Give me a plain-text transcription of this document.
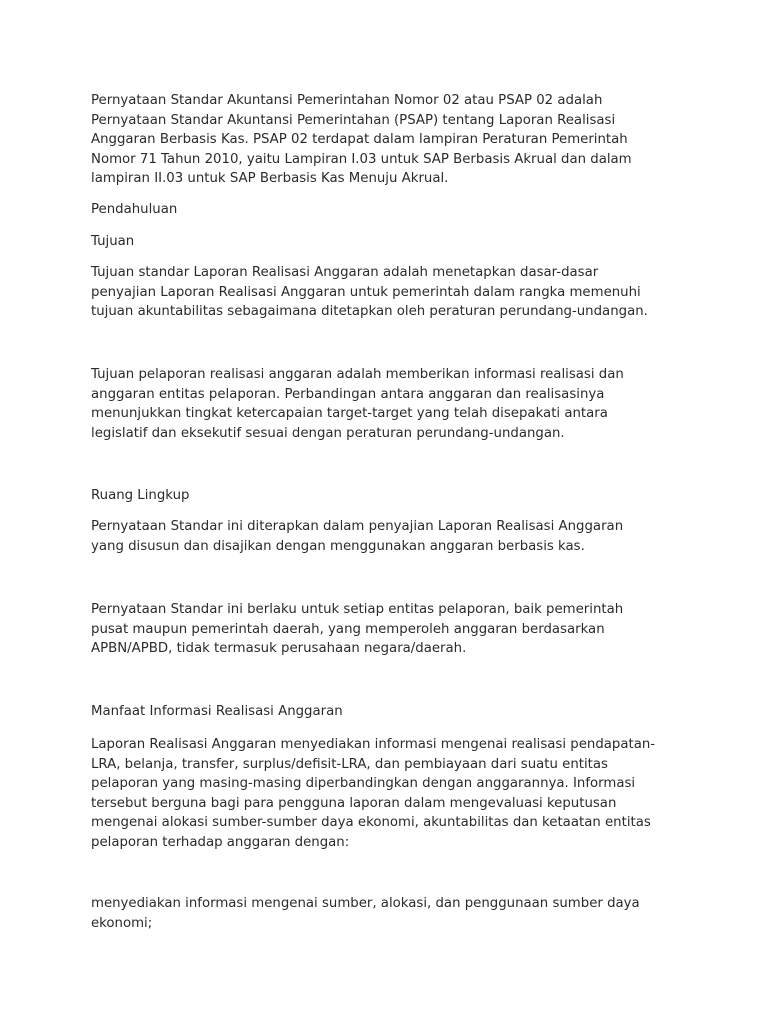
Pernyataan Standar Akuntansi Pemerintahan Nomor 02 atau PSAP 02 adalah
Pernyataan Standar Akuntansi Pemerintahan (PSAP) tentang Laporan Realisasi
Anggaran Berbasis Kas. PSAP 02 terdapat dalam lampiran Peraturan Pemerintah
Nomor 71 Tahun 2010, yaitu Lampiran I.03 untuk SAP Berbasis Akrual dan dalam
lampiran II.03 untuk SAP Berbasis Kas Menuju Akrual.

Pendahuluan

Tujuan

Tujuan standar Laporan Realisasi Anggaran adalah menetapkan dasar-dasar
penyajian Laporan Realisasi Anggaran untuk pemerintah dalam rangka memenuhi
tujuan akuntabilitas sebagaimana ditetapkan oleh peraturan perundang-undangan.

Tujuan pelaporan realisasi anggaran adalah memberikan informasi realisasi dan
anggaran entitas pelaporan. Perbandingan antara anggaran dan realisasinya
menunjukkan tingkat ketercapaian target-target yang telah disepakati antara
legislatif dan eksekutif sesuai dengan peraturan perundang-undangan.

Ruang Lingkup

Pernyataan Standar ini diterapkan dalam penyajian Laporan Realisasi Anggaran
yang disusun dan disajikan dengan menggunakan anggaran berbasis kas.

Pernyataan Standar ini berlaku untuk setiap entitas pelaporan, baik pemerintah
pusat maupun pemerintah daerah, yang memperoleh anggaran berdasarkan
APBN/APBD, tidak termasuk perusahaan negara/daerah.

Manfaat Informasi Realisasi Anggaran

Laporan Realisasi Anggaran menyediakan informasi mengenai realisasi pendapatan-
LRA, belanja, transfer, surplus/defisit-LRA, dan pembiayaan dari suatu entitas
pelaporan yang masing-masing diperbandingkan dengan anggarannya. Informasi
tersebut berguna bagi para pengguna laporan dalam mengevaluasi keputusan
mengenai alokasi sumber-sumber daya ekonomi, akuntabilitas dan ketaatan entitas
pelaporan terhadap anggaran dengan:

menyediakan informasi mengenai sumber, alokasi, dan penggunaan sumber daya
ekonomi;
